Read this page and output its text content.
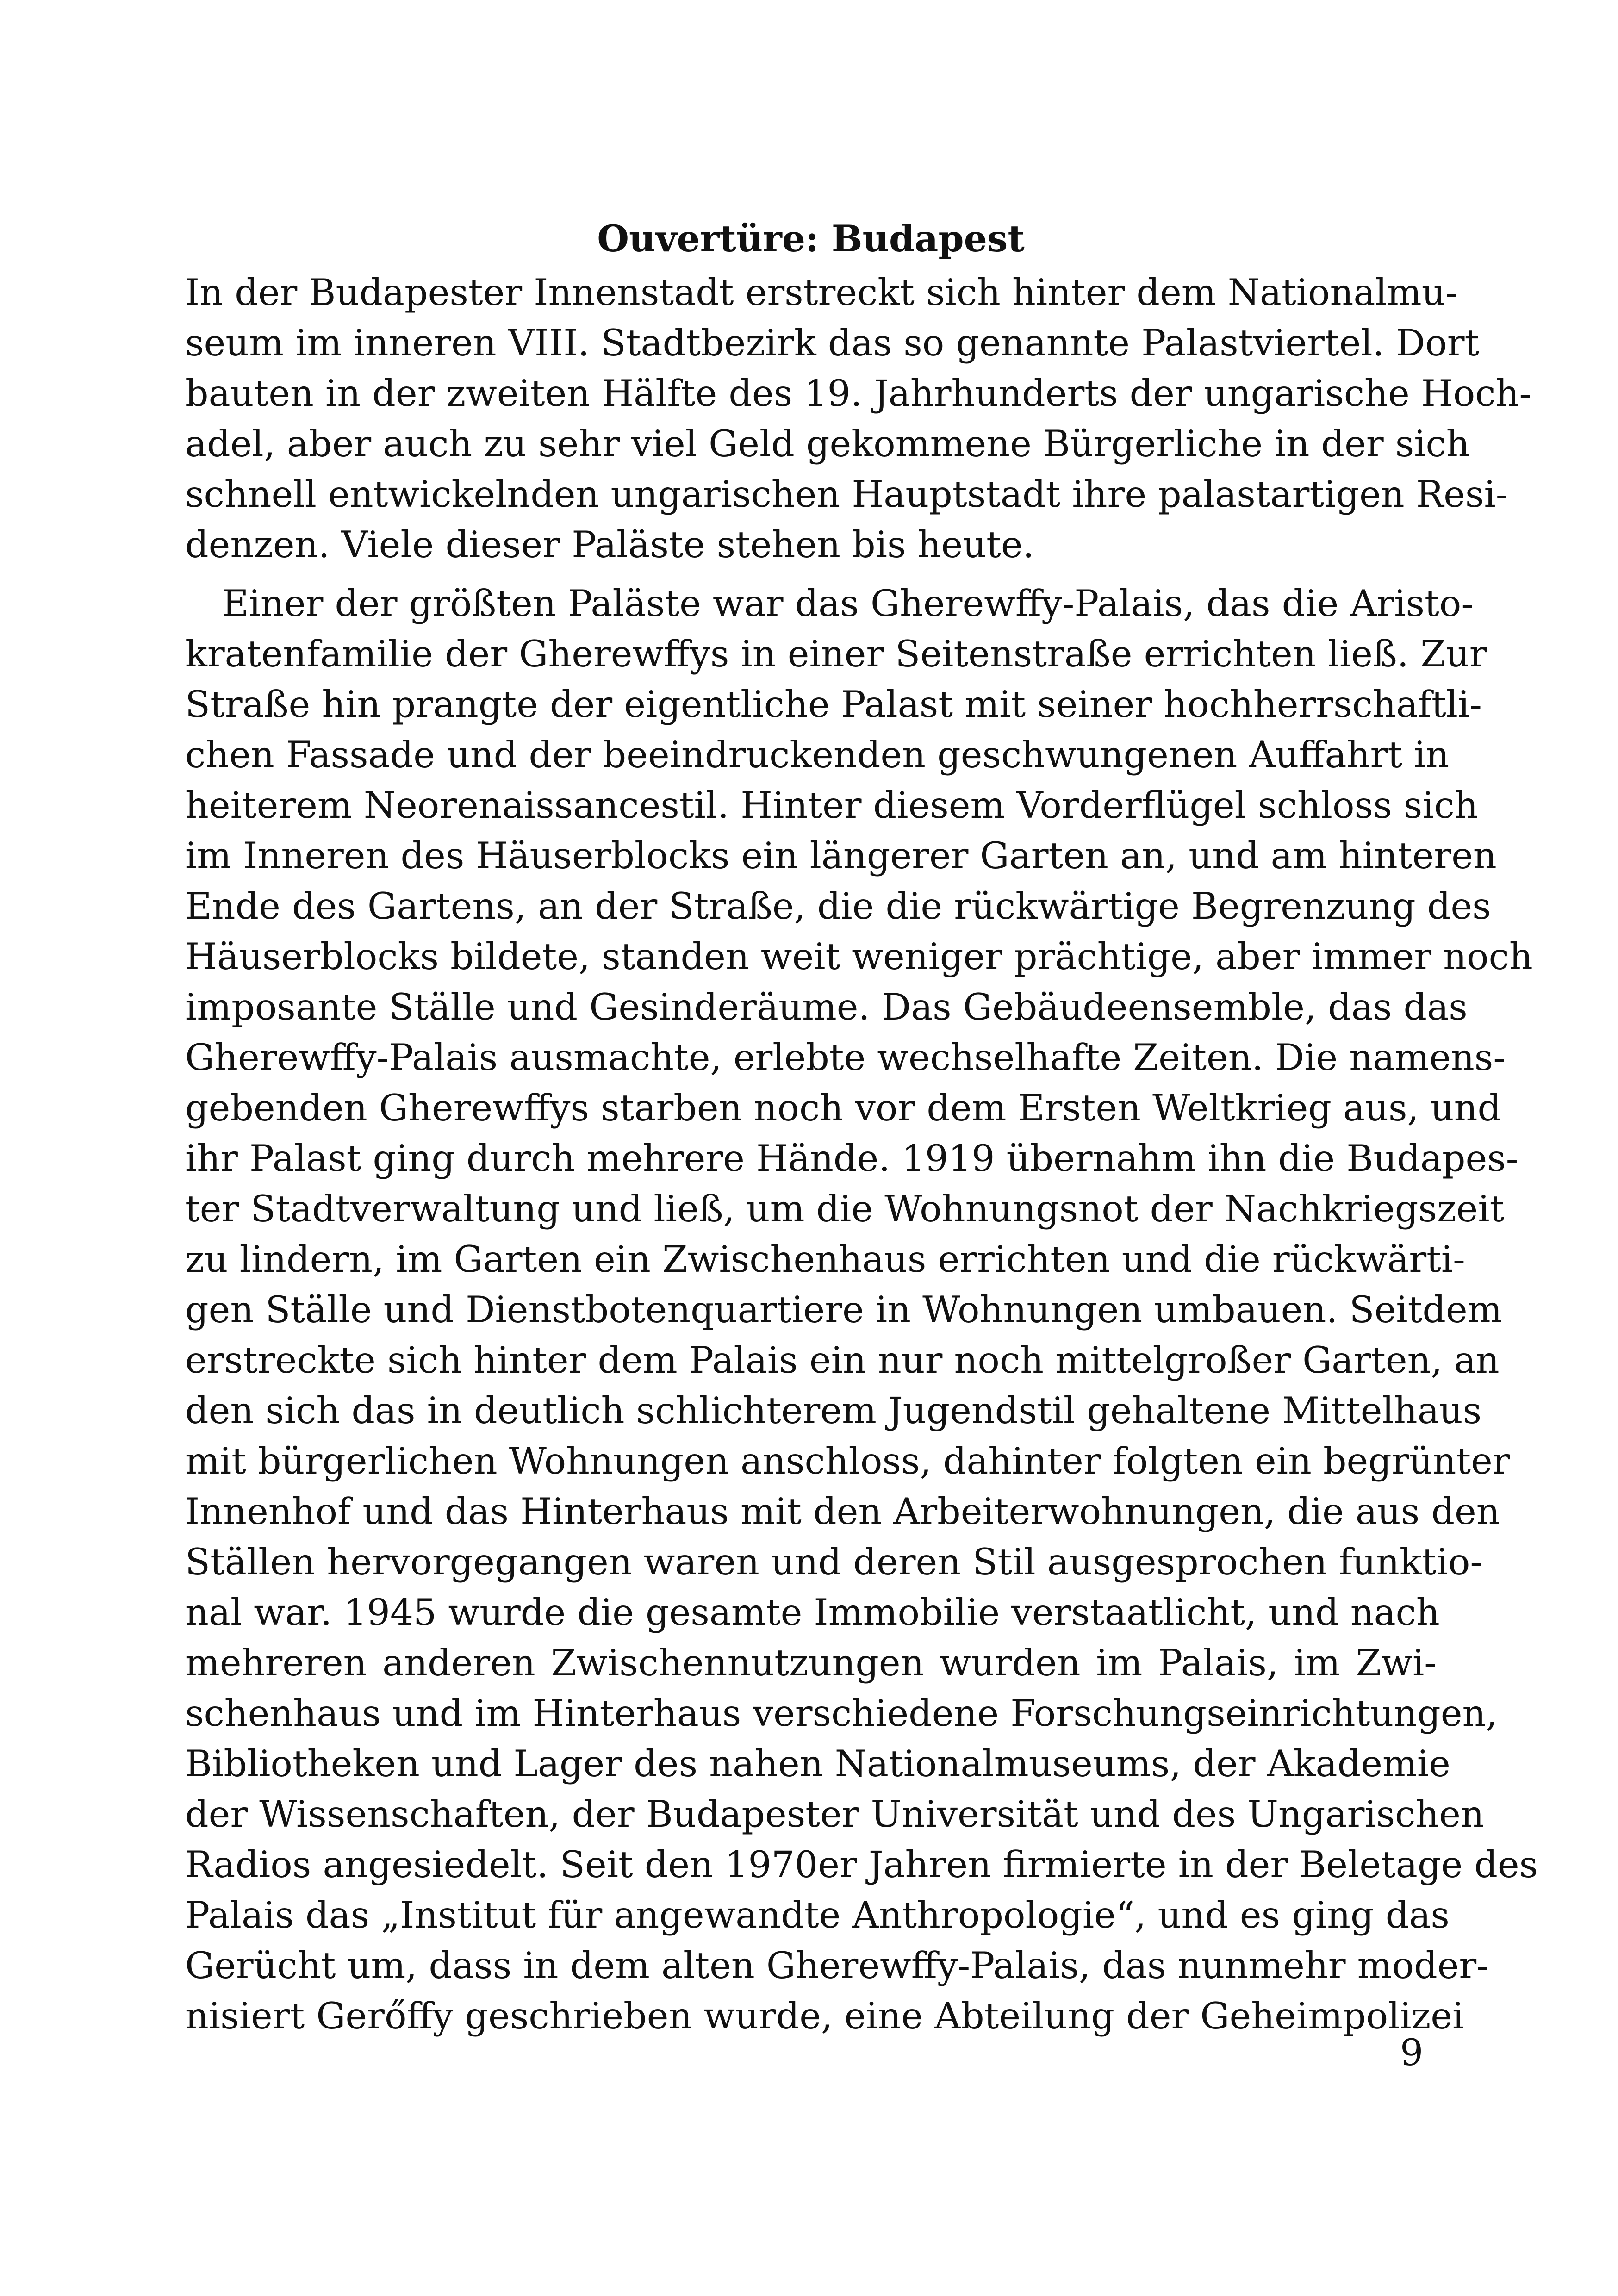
Ouvertüre: Budapest

In der Budapester Innenstadt erstreckt sich hinter dem Nationalmu-
seum im inneren VIII. Stadtbezirk das so genannte Palastviertel. Dort
bauten in der zweiten Hälfte des 19. Jahrhunderts der ungarische Hoch-
adel, aber auch zu sehr viel Geld gekommene Bürgerliche in der sich
schnell entwickelnden ungarischen Hauptstadt ihre palastartigen Resi-
denzen. Viele dieser Paläste stehen bis heute.

Einer der größten Paläste war das Gherewffy-Palais, das die Aristo-
kratenfamilie der Gherewffys in einer Seitenstraße errichten ließ. Zur
Straße hin prangte der eigentliche Palast mit seiner hochherrschaftli-
chen Fassade und der beeindruckenden geschwungenen Auffahrt in
heiterem Neorenaissancestil. Hinter diesem Vorderflügel schloss sich
im Inneren des Häuserblocks ein längerer Garten an, und am hinteren
Ende des Gartens, an der Straße, die die rückwärtige Begrenzung des
Häuserblocks bildete, standen weit weniger prächtige, aber immer noch
imposante Ställe und Gesinderäume. Das Gebäudeensemble, das das
Gherewffy-Palais ausmachte, erlebte wechselhafte Zeiten. Die namens-
gebenden Gherewffys starben noch vor dem Ersten Weltkrieg aus, und
ihr Palast ging durch mehrere Hände. 1919 übernahm ihn die Budapes-
ter Stadtverwaltung und ließ, um die Wohnungsnot der Nachkriegszeit
zu lindern, im Garten ein Zwischenhaus errichten und die rückwärti-
gen Ställe und Dienstbotenquartiere in Wohnungen umbauen. Seitdem
erstreckte sich hinter dem Palais ein nur noch mittelgroßer Garten, an
den sich das in deutlich schlichterem Jugendstil gehaltene Mittelhaus
mit bürgerlichen Wohnungen anschloss, dahinter folgten ein begrünter
Innenhof und das Hinterhaus mit den Arbeiterwohnungen, die aus den
Ställen hervorgegangen waren und deren Stil ausgesprochen funktio-
nal war. 1945 wurde die gesamte Immobilie verstaatlicht, und nach
mehreren anderen Zwischennutzungen wurden im Palais, im Zwi-
schenhaus und im Hinterhaus verschiedene Forschungseinrichtungen,
Bibliotheken und Lager des nahen Nationalmuseums, der Akademie
der Wissenschaften, der Budapester Universität und des Ungarischen
Radios angesiedelt. Seit den 1970er Jahren firmierte in der Beletage des
Palais das „Institut für angewandte Anthropologie“, und es ging das
Gerücht um, dass in dem alten Gherewffy-Palais, das nunmehr moder-
nisiert Gerőffy geschrieben wurde, eine Abteilung der Geheimpolizei

9
